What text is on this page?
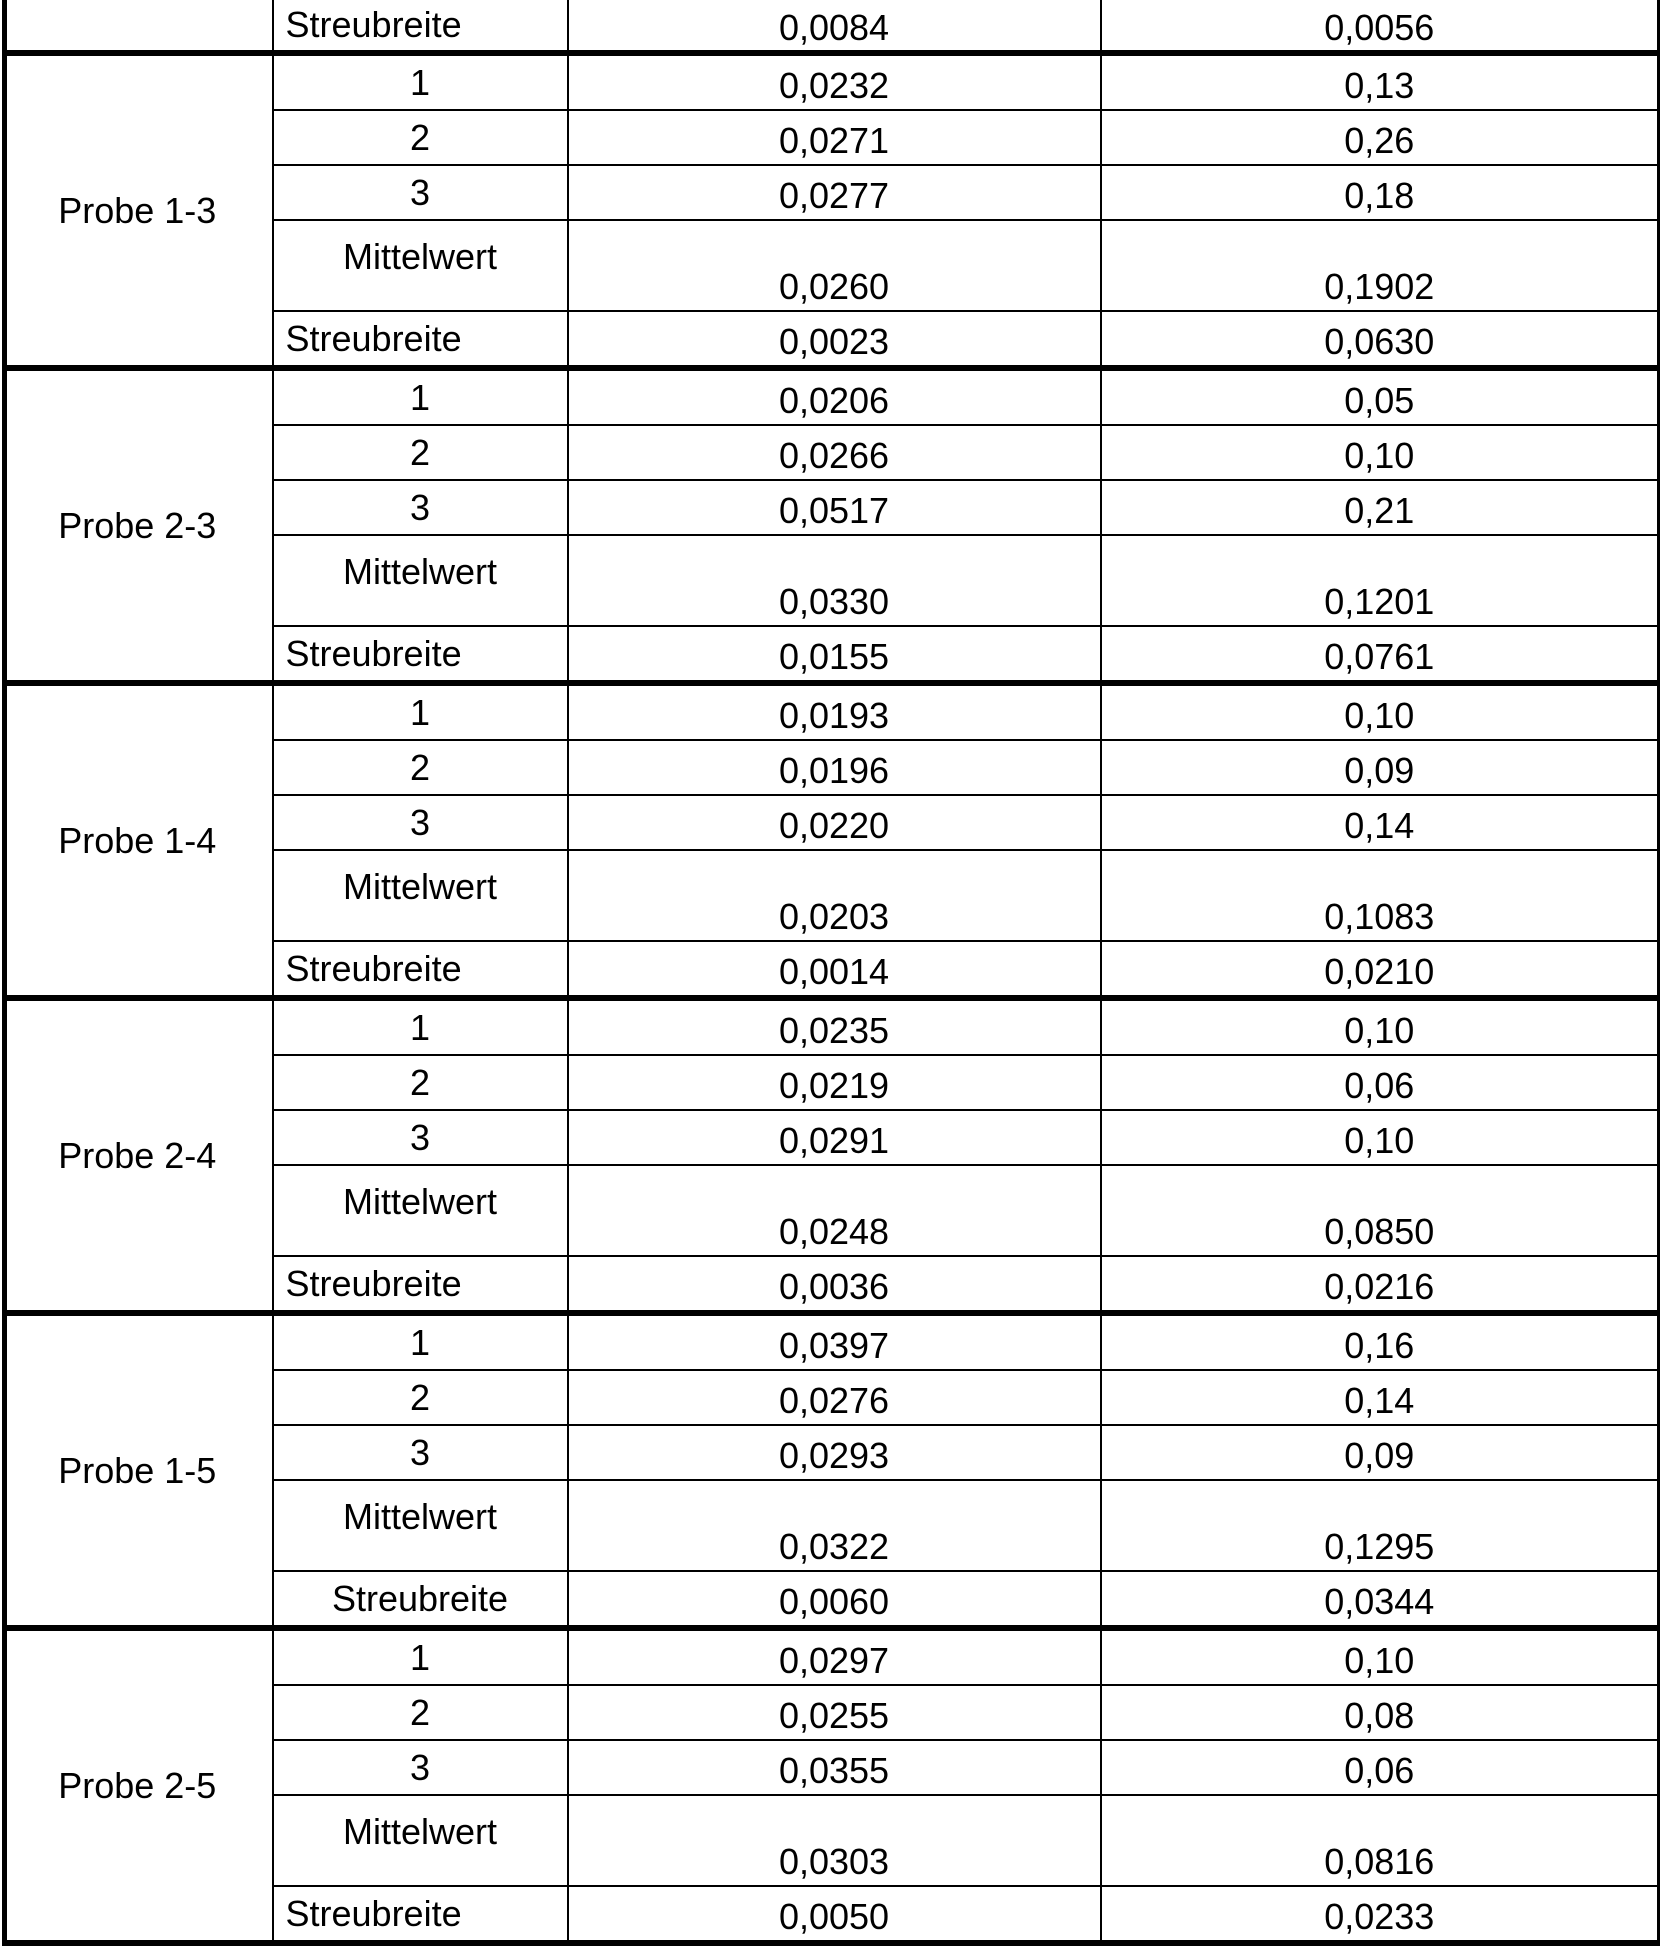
	Streubreite	0,0084	0,0056
Probe 1-3	1	0,0232	0,13
	2	0,0271	0,26
	3	0,0277	0,18
	Mittelwert	0,0260	0,1902
	Streubreite	0,0023	0,0630
Probe 2-3	1	0,0206	0,05
	2	0,0266	0,10
	3	0,0517	0,21
	Mittelwert	0,0330	0,1201
	Streubreite	0,0155	0,0761
Probe 1-4	1	0,0193	0,10
	2	0,0196	0,09
	3	0,0220	0,14
	Mittelwert	0,0203	0,1083
	Streubreite	0,0014	0,0210
Probe 2-4	1	0,0235	0,10
	2	0,0219	0,06
	3	0,0291	0,10
	Mittelwert	0,0248	0,0850
	Streubreite	0,0036	0,0216
Probe 1-5	1	0,0397	0,16
	2	0,0276	0,14
	3	0,0293	0,09
	Mittelwert	0,0322	0,1295
	Streubreite	0,0060	0,0344
Probe 2-5	1	0,0297	0,10
	2	0,0255	0,08
	3	0,0355	0,06
	Mittelwert	0,0303	0,0816
	Streubreite	0,0050	0,0233
